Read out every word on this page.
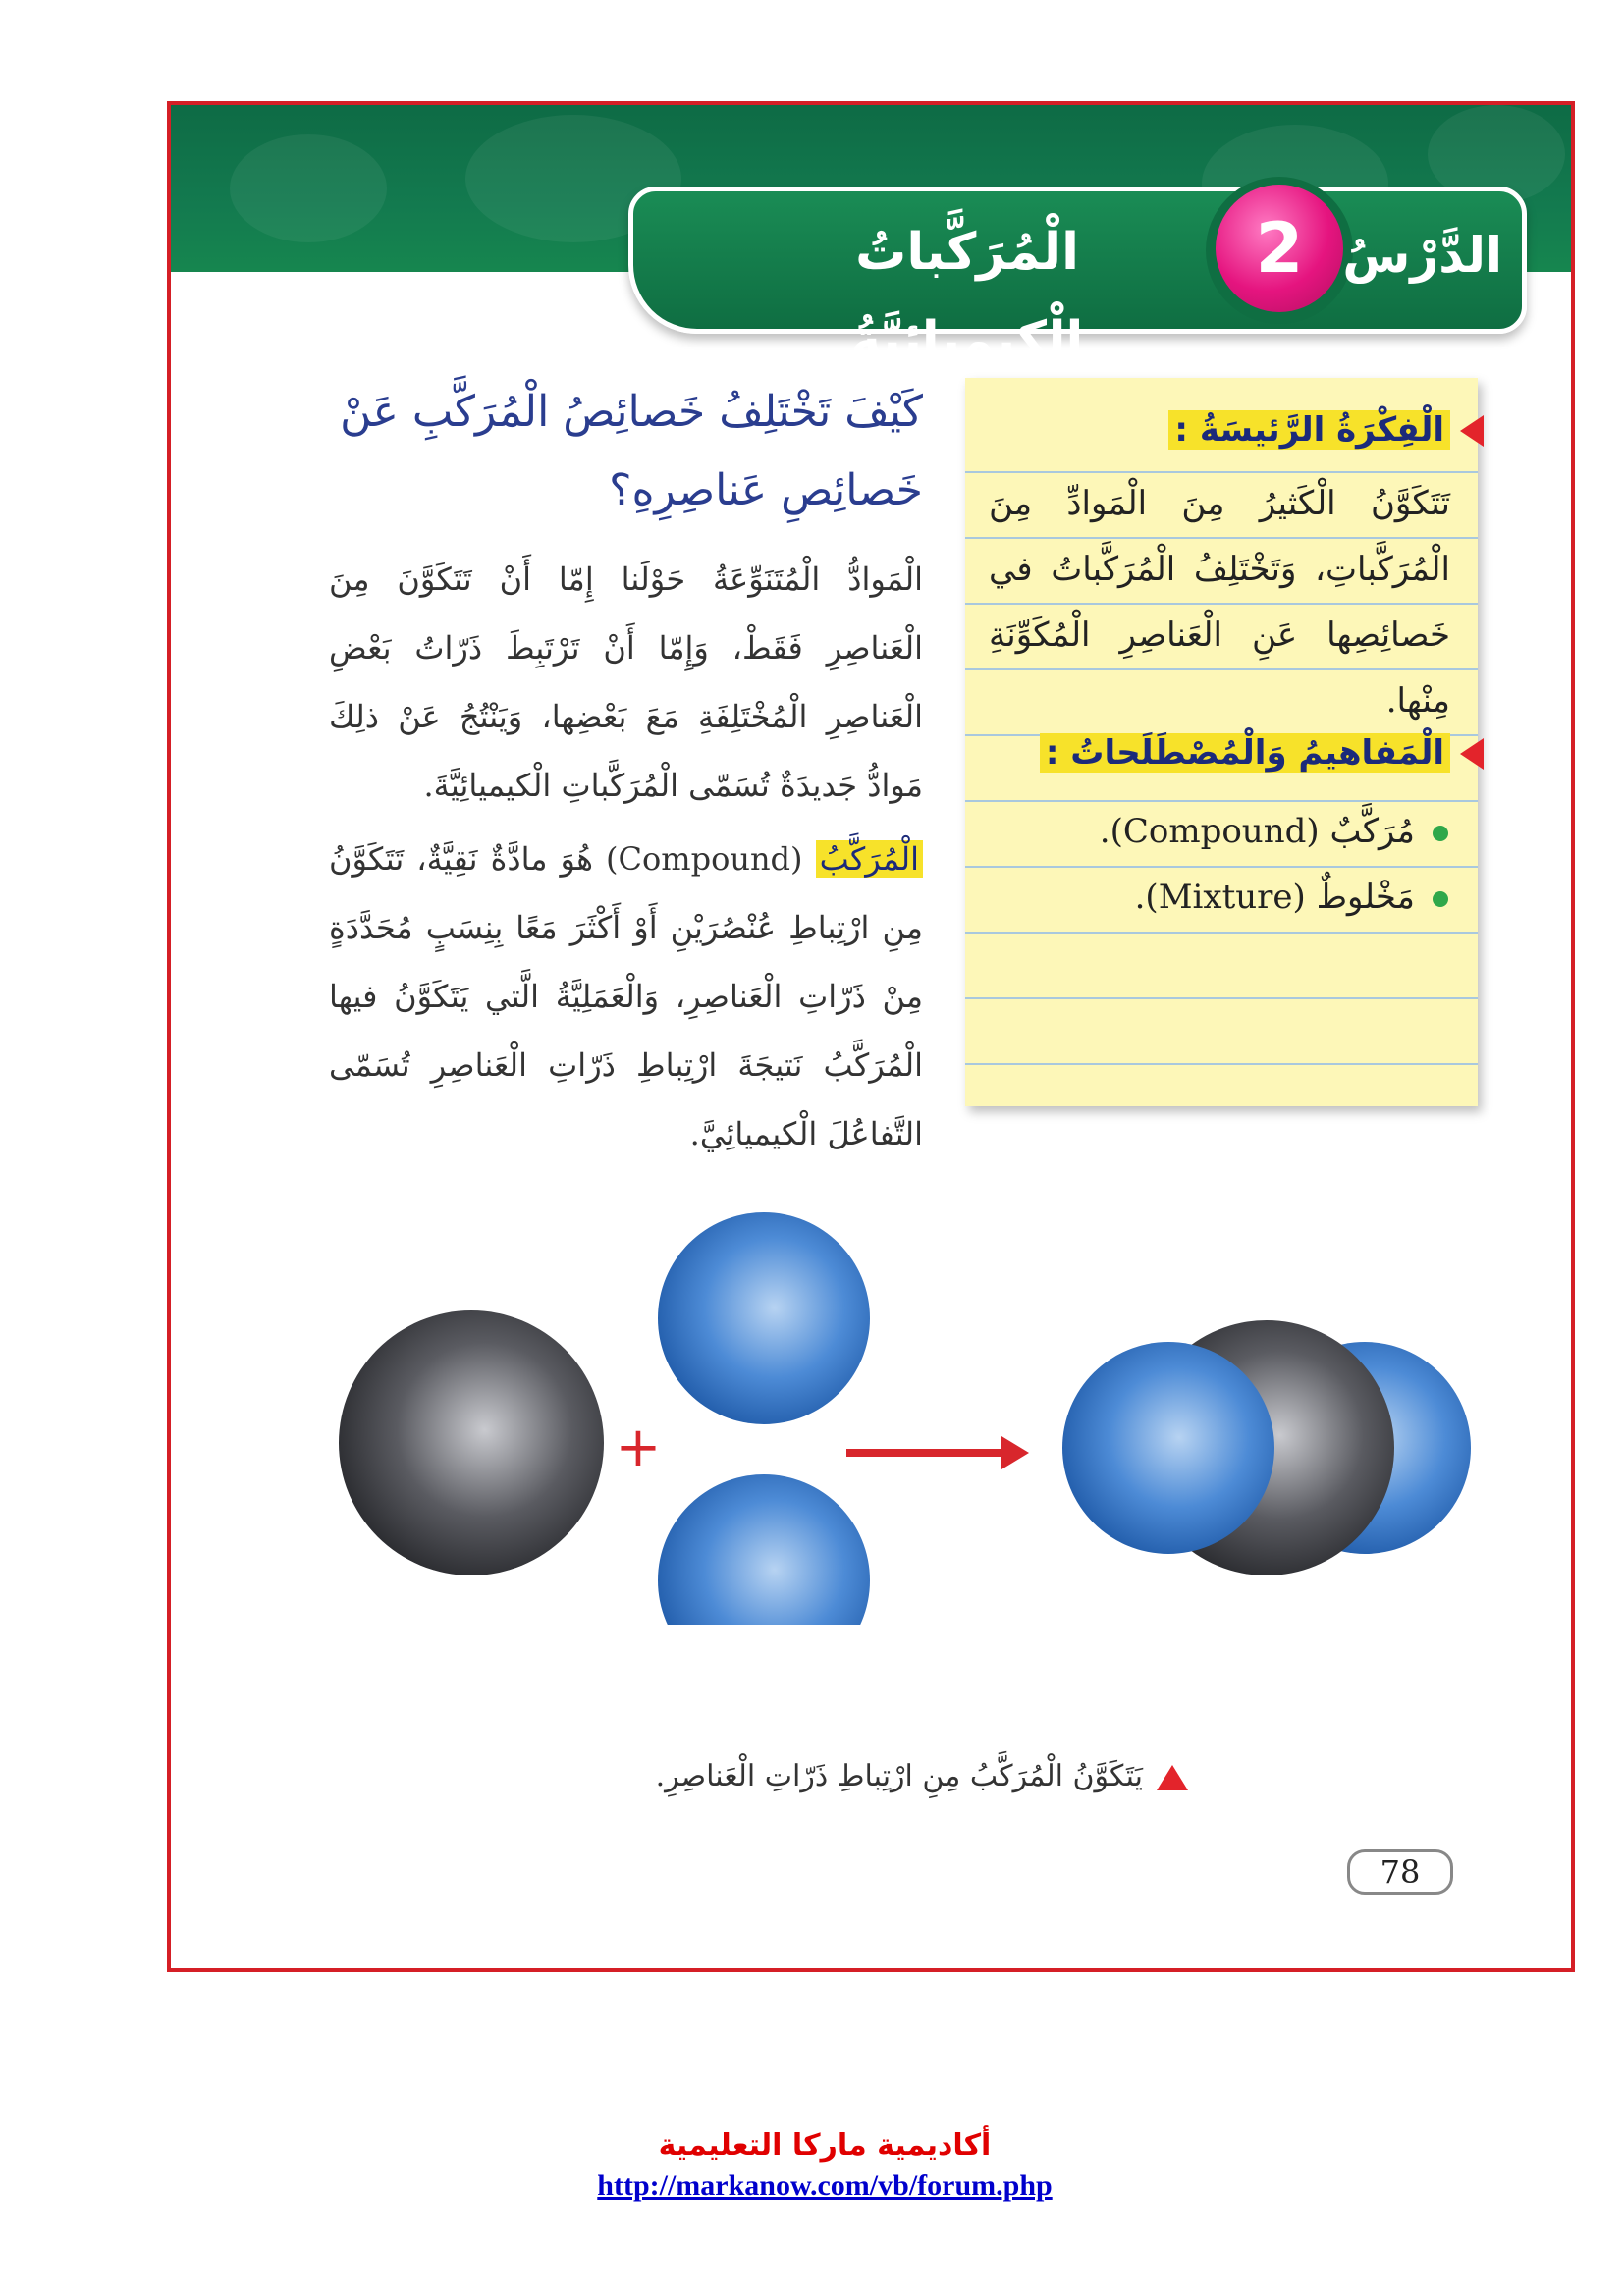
الْمُرَكَّباتُ الْكيميائِيَّةُ
2 الدَّرْسُ
الْفِكْرَةُ الرَّئيسَةُ :
تَتَكَوَّنُ الْكَثيرُ مِنَ الْمَوادِّ مِنَ الْمُرَكَّباتِ، وَتَخْتَلِفُ الْمُرَكَّباتُ في خَصائِصِها عَنِ الْعَناصِرِ الْمُكَوِّنَةِ مِنْها.
الْمَفاهيمُ وَالْمُصْطَلَحاتُ :
مُرَكَّبٌ (Compound).
مَخْلوطٌ (Mixture).
كَيْفَ تَخْتَلِفُ خَصائِصُ الْمُرَكَّبِ عَنْ خَصائِصِ عَناصِرِهِ؟
الْمَوادُّ الْمُتَنَوِّعَةُ حَوْلَنا إِمّا أَنْ تَتَكَوَّنَ مِنَ الْعَناصِرِ فَقَطْ، وَإِمّا أَنْ تَرْتَبِطَ ذَرّاتُ بَعْضِ الْعَناصِرِ الْمُخْتَلِفَةِ مَعَ بَعْضِها، وَيَنْتُجُ عَنْ ذلِكَ مَوادُّ جَديدَةٌ تُسَمّى الْمُرَكَّباتِ الْكيميائِيَّةَ.
الْمُرَكَّبُ (Compound) هُوَ مادَّةٌ نَقِيَّةٌ، تَتَكَوَّنُ مِنِ ارْتِباطِ عُنْصُرَيْنِ أَوْ أَكْثَرَ مَعًا بِنِسَبٍ مُحَدَّدَةٍ مِنْ ذَرّاتِ الْعَناصِرِ، وَالْعَمَلِيَّةُ الَّتي يَتَكَوَّنُ فيها الْمُرَكَّبُ نَتيجَةَ ارْتِباطِ ذَرّاتِ الْعَناصِرِ تُسَمّى التَّفاعُلَ الْكيميائِيَّ.
+
يَتَكَوَّنُ الْمُرَكَّبُ مِنِ ارْتِباطِ ذَرّاتِ الْعَناصِرِ.
78
أكاديمية ماركا التعليمية
http://markanow.com/vb/forum.php
